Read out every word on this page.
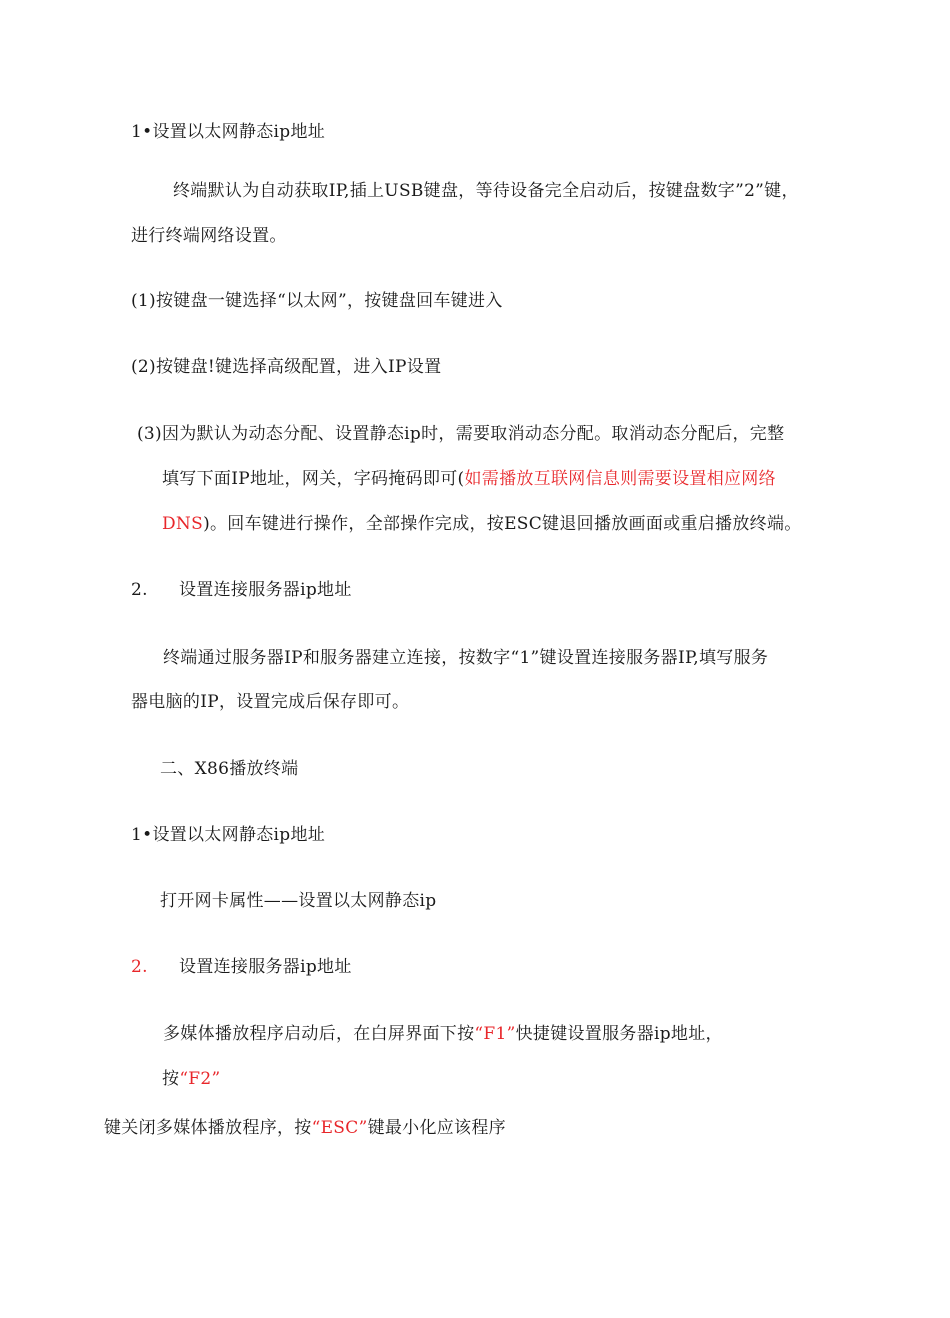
1•设置以太网静态ip地址
终端默认为自动获取IP,插上USB键盘，等待设备完全启动后，按键盘数字”2”键，
进行终端网络设置。
(1)按键盘一键选择“以太网”，按键盘回车键进入
(2)按键盘!键选择高级配置，进入IP设置
(3)因为默认为动态分配、设置静态ip时，需要取消动态分配。取消动态分配后，完整
填写下面IP地址，网关，字码掩码即可(如需播放互联网信息则需要设置相应网络
DNS)。回车键进行操作，全部操作完成，按ESC键退回播放画面或重启播放终端。
2. 设置连接服务器ip地址
终端通过服务器IP和服务器建立连接，按数字“1”键设置连接服务器IP,填写服务
器电脑的IP，设置完成后保存即可。
二、X86播放终端
1•设置以太网静态ip地址
打开网卡属性——设置以太网静态ip
2. 设置连接服务器ip地址
多媒体播放程序启动后，在白屏界面下按“F1”快捷键设置服务器ip地址，
按“F2”
键关闭多媒体播放程序，按“ESC”键最小化应该程序
